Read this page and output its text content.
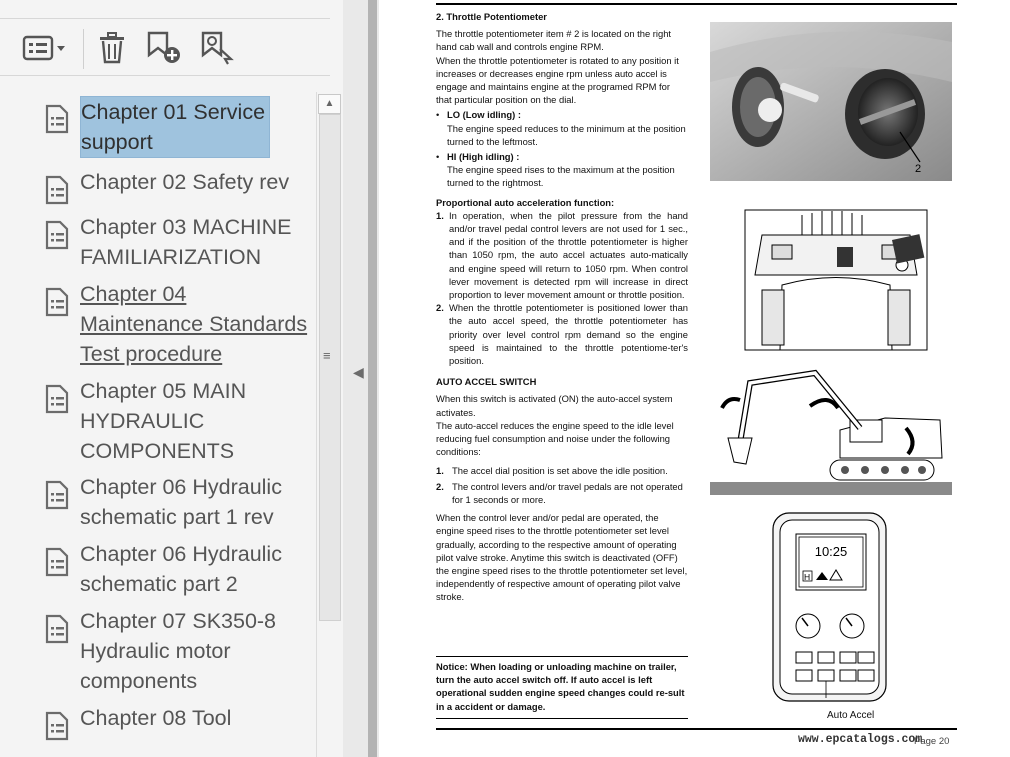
Chapter 01 Service
support
Chapter 02 Safety rev
Chapter 03 MACHINE
FAMILIARIZATION
Chapter 04
Maintenance Standards
Test procedure
Chapter 05 MAIN
HYDRAULIC
COMPONENTS
Chapter 06 Hydraulic
schematic part 1 rev
Chapter 06 Hydraulic
schematic part 2
Chapter 07 SK350-8
Hydraulic motor
components
Chapter 08 Tool
▲
≡
◀

2. Throttle Potentiometer

The throttle potentiometer item # 2 is located on the right hand cab wall and controls engine RPM.

When the throttle potentiometer is rotated to any position it increases or decreases engine rpm unless auto accel is engage and maintains engine at the programed RPM for that particular position on the dial.

• LO (Low idling) :

The engine speed reduces to the minimum at the position turned to the leftmost.

• HI (High idling) :

The engine speed rises to the maximum at the position turned to the rightmost.

Proportional auto acceleration function:

1. In operation, when the pilot pressure from the hand and/or travel pedal control levers are not used for 1 sec., and if the position of the throttle potentiometer is higher than 1050 rpm, the auto accel actuates auto-matically and engine speed will return to 1050 rpm. When control lever movement is detected rpm will increase in direct proportion to lever movement amount or throttle position.
2. When the throttle potentiometer is positioned lower than the auto accel speed, the throttle potentiometer has priority over level control rpm demand so the engine speed is maintained to the throttle potentiome-ter's position.

AUTO ACCEL SWITCH

When this switch is activated (ON) the auto-accel system activates.

The auto-accel reduces the engine speed to the idle level reducing fuel consumption and noise under the following conditions:

1. The accel dial position is set above the idle position.
2. The control levers and/or travel pedals are not operated for 1 seconds or more.

When the control lever and/or pedal are operated, the engine speed rises to the throttle potentiometer set level gradually, according to the respective amount of operating pilot valve stroke. Anytime this switch is deactivated (OFF) the engine speed rises to the throttle potentiometer set level, independently of respective amount of operating pilot valve stroke.

Notice: When loading or unloading machine on trailer, turn the auto accel switch off. If auto accel is left operational sudden engine speed changes could re-sult in a accident or damage.
2
10:25
H
Auto Accel
www.epcatalogs.com
Page 20
